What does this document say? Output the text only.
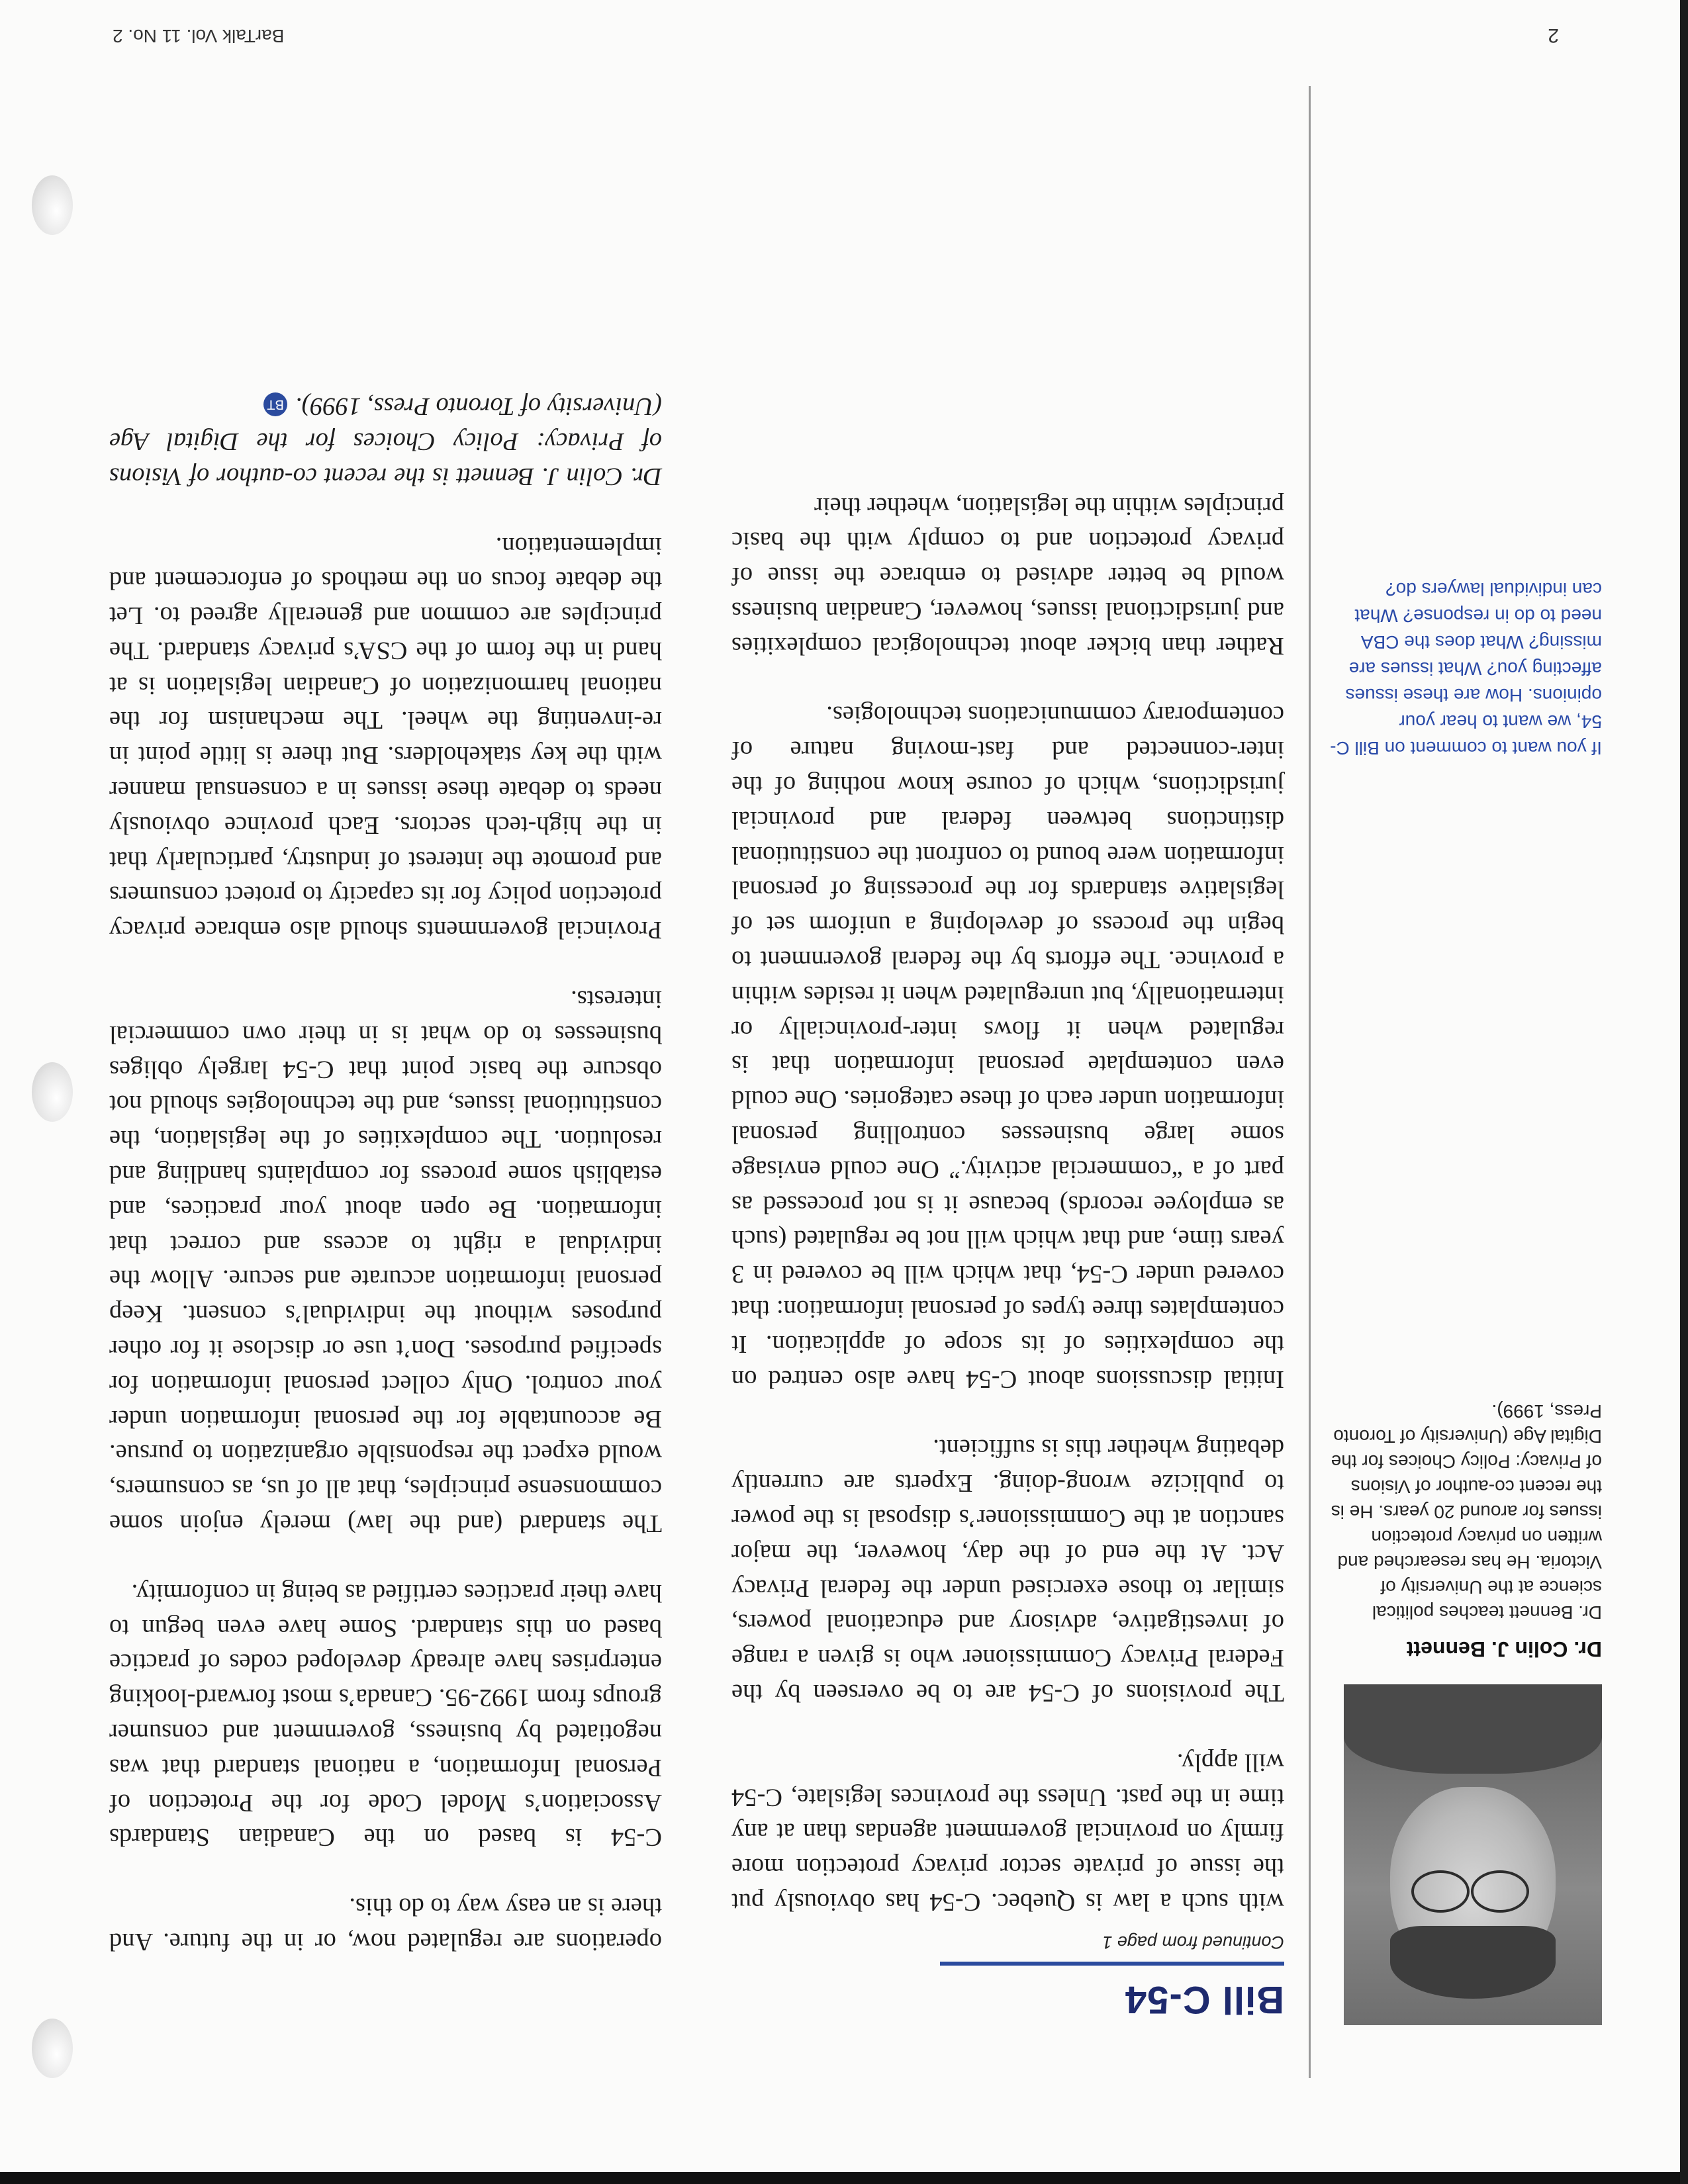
Dr. Colin J. Bennett

Dr. Bennett teaches political science at the University of Victoria. He has researched and written on privacy protection issues for around 20 years. He is the recent co-author of Visions of Privacy: Policy Choices for the Digital Age (University of Toronto Press, 1999).

If you want to comment on Bill C-54, we want to hear your opinions. How are these issues affecting you? What issues are missing? What does the CBA need to do in response? What can individual lawyers do?

Bill C-54
Continued from page 1

with such a law is Quebec. C-54 has obviously put the issue of private sector privacy protection more firmly on provincial government agendas than at any time in the past. Unless the provinces legislate, C-54 will apply.

The provisions of C-54 are to be overseen by the Federal Privacy Commissioner who is given a range of investigative, advisory and educational powers, similar to those exercised under the federal Privacy Act. At the end of the day, however, the major sanction at the Commissioner’s disposal is the power to publicize wrong-doing. Experts are currently debating whether this is sufficient.

Initial discussions about C-54 have also centred on the complexities of its scope of application. It contemplates three types of personal information: that covered under C-54, that which will be covered in 3 years time, and that which will not be regulated (such as employee records) because it is not processed as part of a “commercial activity.” One could envisage some large businesses controlling personal information under each of these categories. One could even contemplate personal information that is regulated when it flows inter-provincially or internationally, but unregulated when it resides within a province. The efforts by the federal government to begin the process of developing a uniform set of legislative standards for the processing of personal information were bound to confront the constitutional distinctions between federal and provincial jurisdictions, which of course know nothing of the inter-connected and fast-moving nature of contemporary communications technologies.

Rather than bicker about technological complexities and jurisdictional issues, however, Canadian business would be better advised to embrace the issue of privacy protection and to comply with the basic principles within the legislation, whether their

operations are regulated now, or in the future. And there is an easy way to do this.

C-54 is based on the Canadian Standards Association’s Model Code for the Protection of Personal Information, a national standard that was negotiated by business, government and consumer groups from 1992-95. Canada’s most forward-looking enterprises have already developed codes of practice based on this standard. Some have even begun to have their practices certified as being in conformity.

The standard (and the law) merely enjoin some commonsense principles, that all of us, as consumers, would expect the responsible organization to pursue. Be accountable for the personal information under your control. Only collect personal information for specified purposes. Don’t use or disclose it for other purposes without the individual’s consent. Keep personal information accurate and secure. Allow the individual a right to access and correct that information. Be open about your practices, and establish some process for complaints handling and resolution. The complexities of the legislation, the constitutional issues, and the technologies should not obscure the basic point that C-54 largely obliges businesses to do what is in their own commercial interests.

Provincial governments should also embrace privacy protection policy for its capacity to protect consumers and promote the interest of industry, particularly that in the high-tech sectors. Each province obviously needs to debate these issues in a consensual manner with the key stakeholders. But there is little point in re-inventing the wheel. The mechanism for the national harmonization of Canadian legislation is at hand in the form of the CSA’s privacy standard. The principles are common and generally agreed to. Let the debate focus on the methods of enforcement and implementation.

Dr. Colin J. Bennett is the recent co-author of Visions of Privacy: Policy Choices for the Digital Age (University of Toronto Press, 1999).BT

2
BarTalk Vol. 11 No. 2
